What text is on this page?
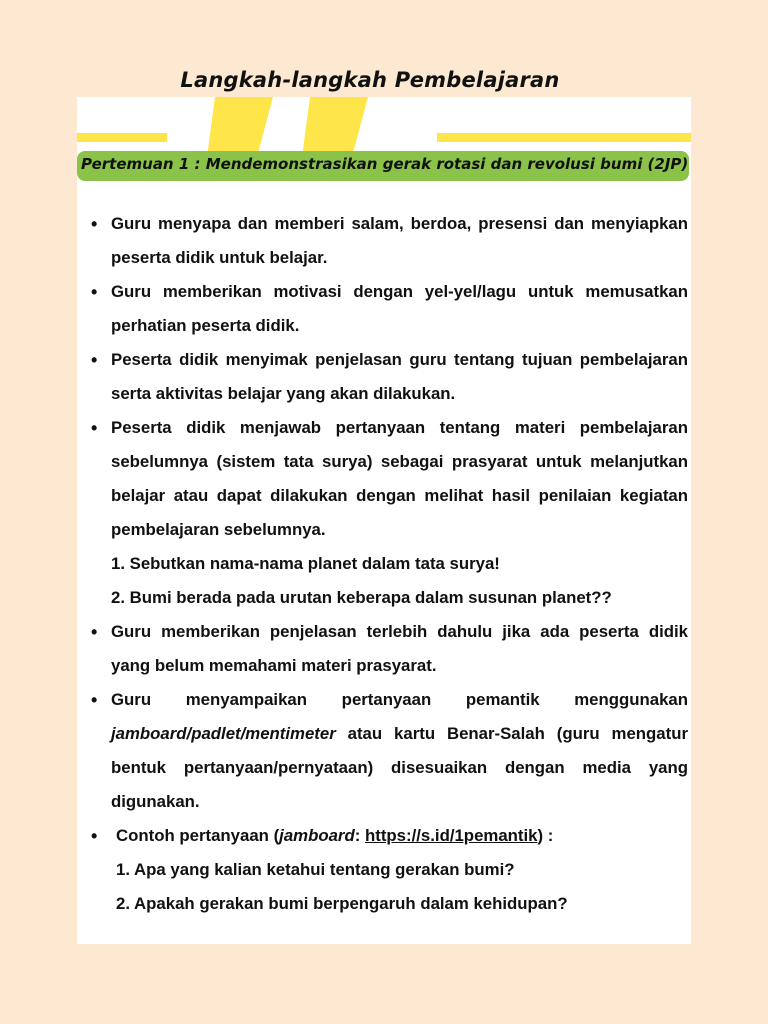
Langkah-langkah Pembelajaran
Pertemuan 1 : Mendemonstrasikan gerak rotasi dan revolusi bumi (2JP)
• Guru menyapa dan memberi salam, berdoa, presensi dan menyiapkan peserta didik untuk belajar.
• Guru memberikan motivasi dengan yel-yel/lagu untuk memusatkan perhatian peserta didik.
• Peserta didik menyimak penjelasan guru tentang tujuan pembelajaran serta aktivitas belajar yang akan dilakukan.
• Peserta didik menjawab pertanyaan tentang materi pembelajaran sebelumnya (sistem tata surya) sebagai prasyarat untuk melanjutkan belajar atau dapat dilakukan dengan melihat hasil penilaian kegiatan pembelajaran sebelumnya.
1. Sebutkan nama-nama planet dalam tata surya!
2. Bumi berada pada urutan keberapa dalam susunan planet??
• Guru memberikan penjelasan terlebih dahulu jika ada peserta didik yang belum memahami materi prasyarat.
• Guru menyampaikan pertanyaan pemantik menggunakan jamboard/padlet/mentimeter atau kartu Benar-Salah (guru mengatur bentuk pertanyaan/pernyataan) disesuaikan dengan media yang digunakan.
• Contoh pertanyaan (jamboard: https://s.id/1pemantik) :
1. Apa yang kalian ketahui tentang gerakan bumi?
2. Apakah gerakan bumi berpengaruh dalam kehidupan?
